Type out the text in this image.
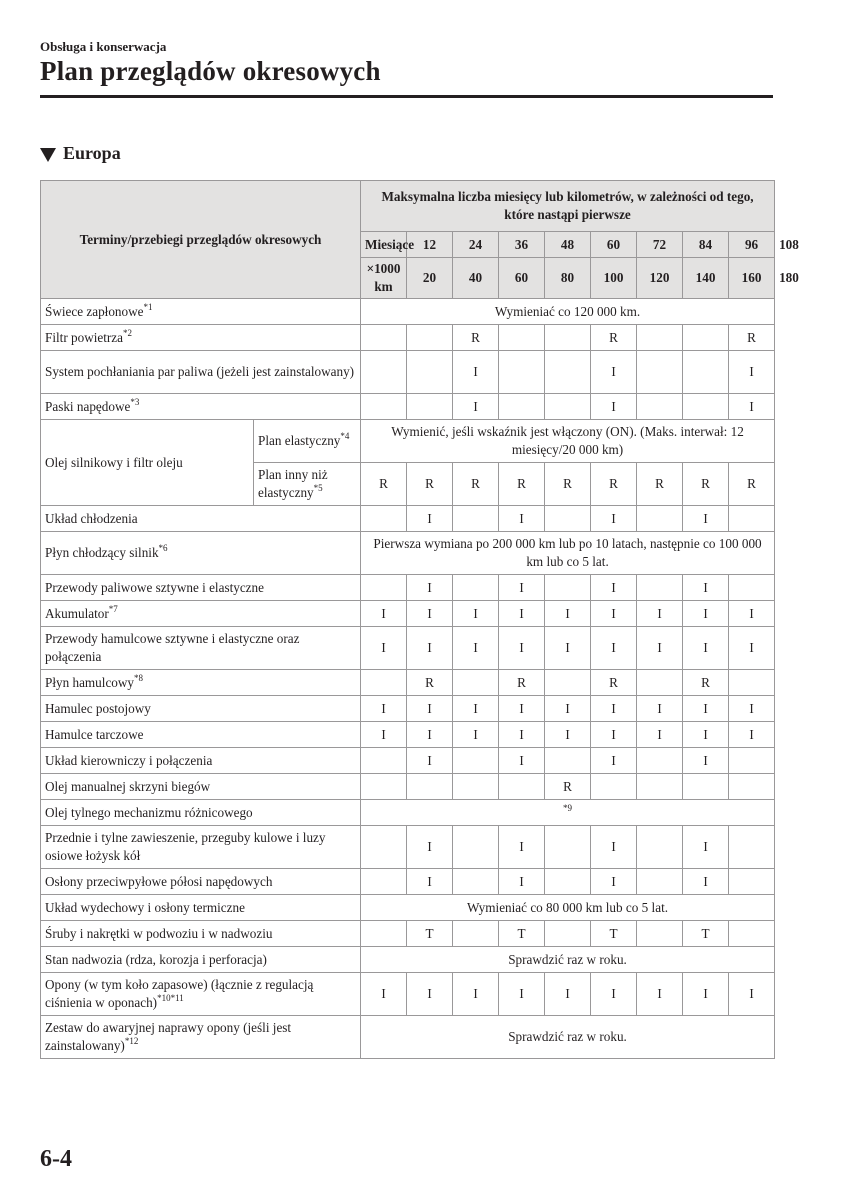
Obsługa i konserwacja
Plan przeglądów okresowych
Europa
Terminy/przebiegi przeglądów okresowych		Maksymalna liczba miesięcy lub kilometrów, w zależności od tego, które nastąpi pierwsze									
		Miesiące	12	24	36	48	60	72	84	96	108
		×1000 km	20	40	60	80	100	120	140	160	180
Świece zapłonowe$^{*1}$		Wymieniać co 120 000 km.									
Filtr powietrza$^{*2}$				R			R			R	
System pochłaniania par paliwa (jeżeli jest zainstalowany)				I			I			I	
Paski napędowe$^{*3}$				I			I			I	
Olej silnikowy i filtr oleju	Plan elastyczny$^{*4}$	Wymienić, jeśli wskaźnik jest włączony (ON). (Maks. interwał: 12 miesięcy/20 000 km)									
	Plan inny niż elastyczny$^{*5}$	R	R	R	R	R	R	R	R	R	
Układ chłodzenia			I		I		I		I		
Płyn chłodzący silnik$^{*6}$		Pierwsza wymiana po 200 000 km lub po 10 latach, następnie co 100 000 km lub co 5 lat.									
Przewody paliwowe sztywne i elastyczne			I		I		I		I		
Akumulator$^{*7}$		I	I	I	I	I	I	I	I	I	
Przewody hamulcowe sztywne i elastyczne oraz połączenia		I	I	I	I	I	I	I	I	I	
Płyn hamulcowy$^{*8}$			R		R		R		R		
Hamulec postojowy		I	I	I	I	I	I	I	I	I	
Hamulce tarczowe		I	I	I	I	I	I	I	I	I	
Układ kierowniczy i połączenia			I		I		I		I		
Olej manualnej skrzyni biegów						R					
Olej tylnego mechanizmu różnicowego		$^{*9}$
Przednie i tylne zawieszenie, przeguby kulowe i luzy osiowe łożysk kół			I		I		I		I		
Osłony przeciwpyłowe półosi napędowych			I		I		I		I		
Układ wydechowy i osłony termiczne		Wymieniać co 80 000 km lub co 5 lat.									
Śruby i nakrętki w podwoziu i w nadwoziu			T		T		T		T		
Stan nadwozia (rdza, korozja i perforacja)		Sprawdzić raz w roku.									
Opony (w tym koło zapasowe) (łącznie z regulacją ciśnienia w oponach)$^{*10*11}$		I	I	I	I	I	I	I	I	I	
Zestaw do awaryjnej naprawy opony (jeśli jest zainstalowany)$^{*12}$		Sprawdzić raz w roku.									
6-4
